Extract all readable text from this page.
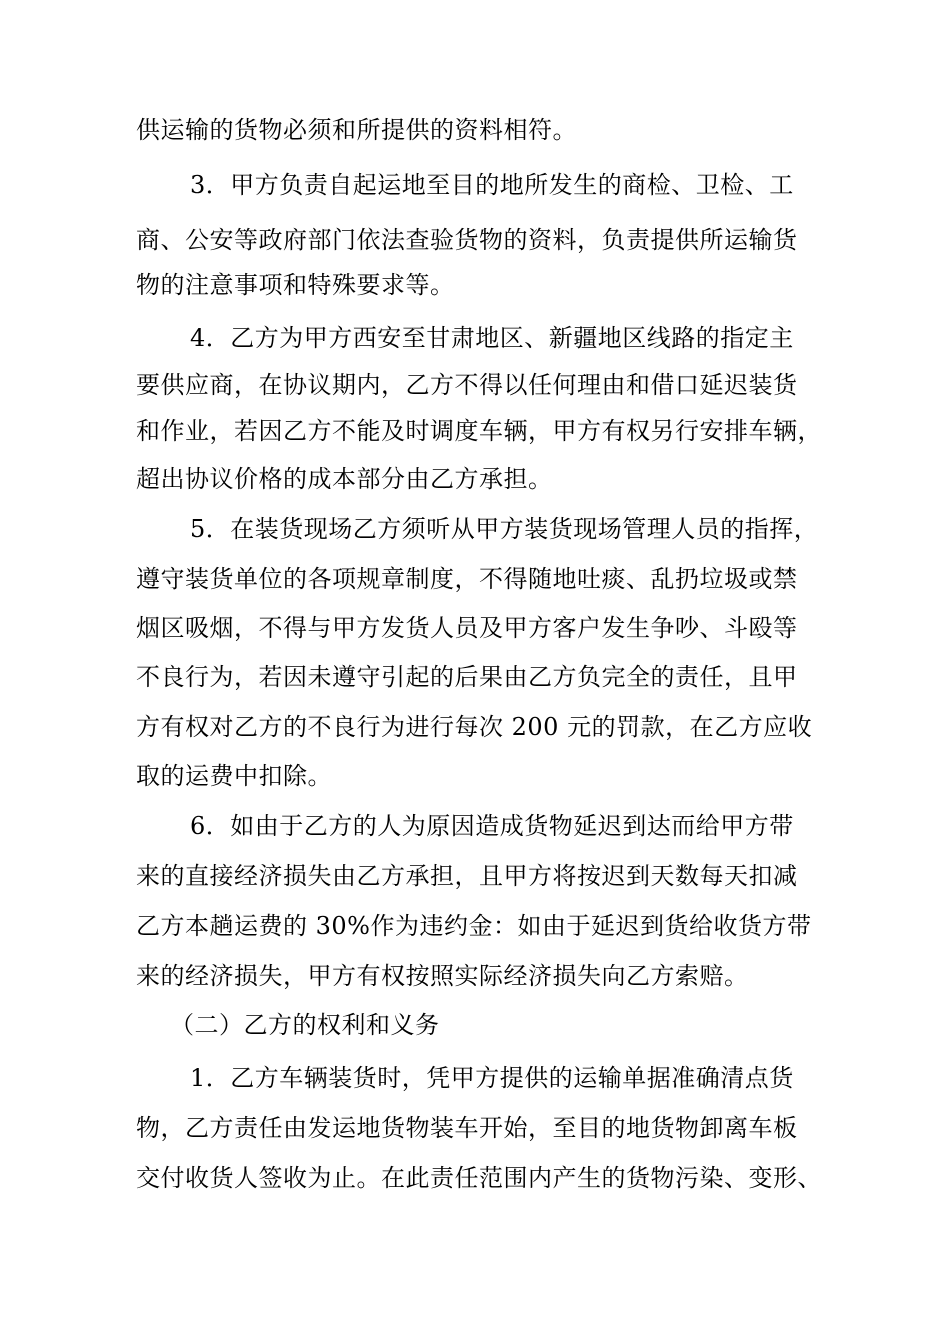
供运输的货物必须和所提供的资料相符。
3．甲方负责自起运地至目的地所发生的商检、卫检、工
商、公安等政府部门依法查验货物的资料，负责提供所运输货
物的注意事项和特殊要求等。
4．乙方为甲方西安至甘肃地区、新疆地区线路的指定主
要供应商，在协议期内，乙方不得以任何理由和借口延迟装货
和作业，若因乙方不能及时调度车辆，甲方有权另行安排车辆，
超出协议价格的成本部分由乙方承担。
5．在装货现场乙方须听从甲方装货现场管理人员的指挥，
遵守装货单位的各项规章制度，不得随地吐痰、乱扔垃圾或禁
烟区吸烟，不得与甲方发货人员及甲方客户发生争吵、斗殴等
不良行为，若因未遵守引起的后果由乙方负完全的责任，且甲
方有权对乙方的不良行为进行每次 200 元的罚款，在乙方应收
取的运费中扣除。
6．如由于乙方的人为原因造成货物延迟到达而给甲方带
来的直接经济损失由乙方承担，且甲方将按迟到天数每天扣减
乙方本趟运费的 30%作为违约金：如由于延迟到货给收货方带
来的经济损失，甲方有权按照实际经济损失向乙方索赔。
（二）乙方的权利和义务
1．乙方车辆装货时，凭甲方提供的运输单据准确清点货
物，乙方责任由发运地货物装车开始，至目的地货物卸离车板
交付收货人签收为止。在此责任范围内产生的货物污染、变形、
